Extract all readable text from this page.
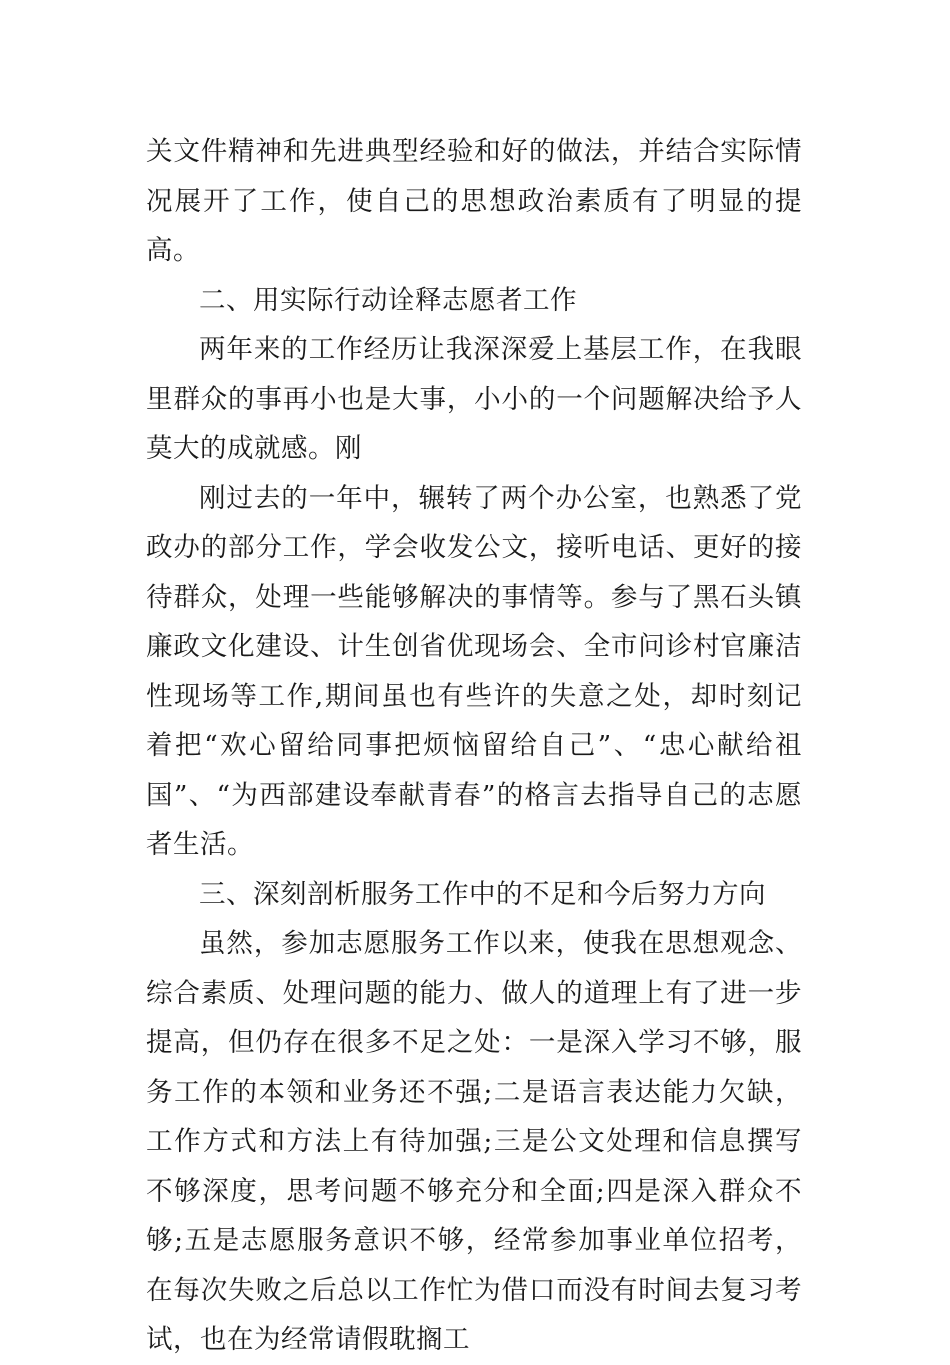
关文件精神和先进典型经验和好的做法，并结合实际情况展开了工作，使自己的思想政治素质有了明显的提高。

二、用实际行动诠释志愿者工作

两年来的工作经历让我深深爱上基层工作，在我眼里群众的事再小也是大事，小小的一个问题解决给予人莫大的成就感。刚

刚过去的一年中，辗转了两个办公室，也熟悉了党政办的部分工作，学会收发公文，接听电话、更好的接待群众，处理一些能够解决的事情等。参与了黑石头镇廉政文化建设、计生创省优现场会、全市问诊村官廉洁性现场等工作,期间虽也有些许的失意之处，却时刻记着把“欢心留给同事把烦恼留给自己”、“忠心献给祖国”、“为西部建设奉献青春”的格言去指导自己的志愿者生活。

三、深刻剖析服务工作中的不足和今后努力方向

虽然，参加志愿服务工作以来，使我在思想观念、综合素质、处理问题的能力、做人的道理上有了进一步提高，但仍存在很多不足之处：一是深入学习不够，服务工作的本领和业务还不强;二是语言表达能力欠缺，工作方式和方法上有待加强;三是公文处理和信息撰写不够深度，思考问题不够充分和全面;四是深入群众不够;五是志愿服务意识不够，经常参加事业单位招考，在每次失败之后总以工作忙为借口而没有时间去复习考试，也在为经常请假耽搁工
